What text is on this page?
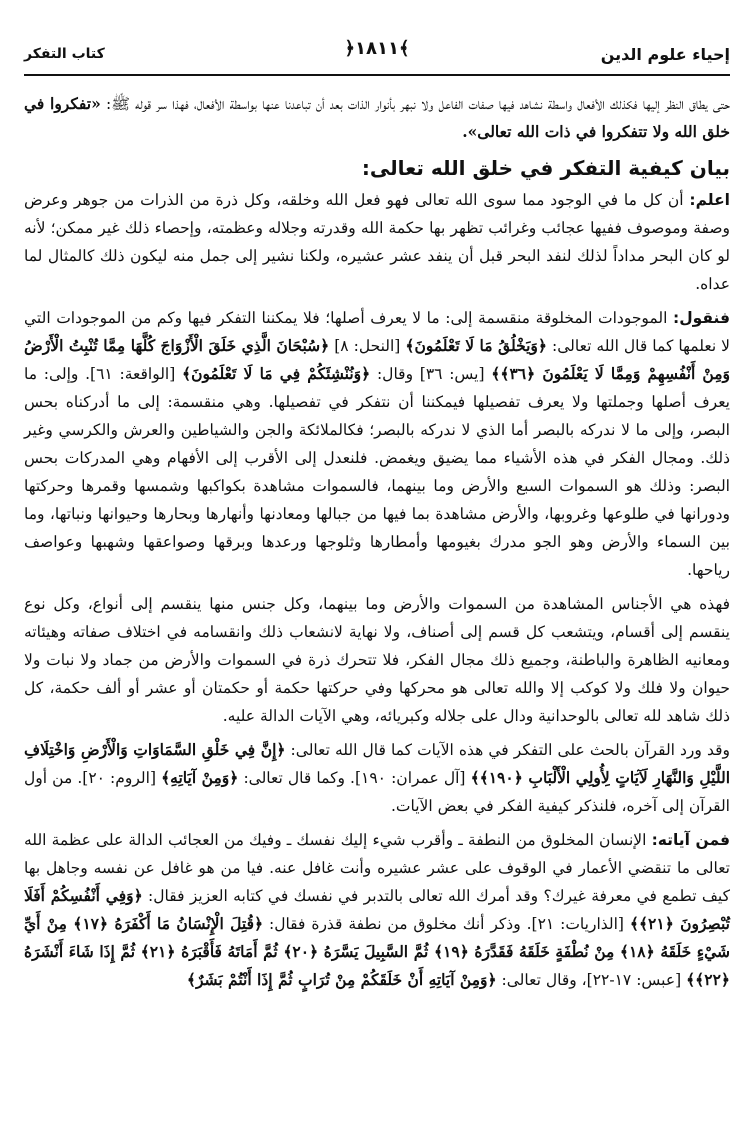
إحياء علوم الدين
﴿١٨١١﴾
كتاب التفكر

حتى يطاق النظر إليها فكذلك الأفعال واسطة نشاهد فيها صفات الفاعل ولا نبهر بأنوار الذات بعد أن تباعدنا عنها بواسطة الأفعال، فهذا سر قوله ﷺ: «تفكروا في خلق الله ولا تتفكروا في ذات الله تعالى».

بيان كيفية التفكر في خلق الله تعالى:

اعلم: أن كل ما في الوجود مما سوى الله تعالى فهو فعل الله وخلقه، وكل ذرة من الذرات من جوهر وعرض وصفة وموصوف ففيها عجائب وغرائب تظهر بها حكمة الله وقدرته وجلاله وعظمته، وإحصاء ذلك غير ممكن؛ لأنه لو كان البحر مداداً لذلك لنفد البحر قبل أن ينفد عشر عشيره، ولكنا نشير إلى جمل منه ليكون ذلك كالمثال لما عداه.

فنقول: الموجودات المخلوقة منقسمة إلى: ما لا يعرف أصلها؛ فلا يمكننا التفكر فيها وكم من الموجودات التي لا نعلمها كما قال الله تعالى: ﴿وَيَخْلُقُ مَا لَا تَعْلَمُونَ﴾ [النحل: ٨] ﴿سُبْحَانَ الَّذِي خَلَقَ الْأَزْوَاجَ كُلَّهَا مِمَّا تُنْبِتُ الْأَرْضُ وَمِنْ أَنْفُسِهِمْ وَمِمَّا لَا يَعْلَمُونَ ﴿٣٦﴾﴾ [يس: ٣٦] وقال: ﴿وَنُنْشِئَكُمْ فِي مَا لَا تَعْلَمُونَ﴾ [الواقعة: ٦١]. وإلى: ما يعرف أصلها وجملتها ولا يعرف تفصيلها فيمكننا أن نتفكر في تفصيلها. وهي منقسمة: إلى ما أدركناه بحس البصر، وإلى ما لا ندركه بالبصر أما الذي لا ندركه بالبصر؛ فكالملائكة والجن والشياطين والعرش والكرسي وغير ذلك. ومجال الفكر في هذه الأشياء مما يضيق ويغمض. فلنعدل إلى الأقرب إلى الأفهام وهي المدركات بحس البصر: وذلك هو السموات السبع والأرض وما بينهما، فالسموات مشاهدة بكواكبها وشمسها وقمرها وحركتها ودورانها في طلوعها وغروبها، والأرض مشاهدة بما فيها من جبالها ومعادنها وأنهارها وبحارها وحيوانها ونباتها، وما بين السماء والأرض وهو الجو مدرك بغيومها وأمطارها وثلوجها ورعدها وبرقها وصواعقها وشهبها وعواصف رياحها.

فهذه هي الأجناس المشاهدة من السموات والأرض وما بينهما، وكل جنس منها ينقسم إلى أنواع، وكل نوع ينقسم إلى أقسام، ويتشعب كل قسم إلى أصناف، ولا نهاية لانشعاب ذلك وانقسامه في اختلاف صفاته وهيئاته ومعانيه الظاهرة والباطنة، وجميع ذلك مجال الفكر، فلا تتحرك ذرة في السموات والأرض من جماد ولا نبات ولا حيوان ولا فلك ولا كوكب إلا والله تعالى هو محركها وفي حركتها حكمة أو حكمتان أو عشر أو ألف حكمة، كل ذلك شاهد لله تعالى بالوحدانية ودال على جلاله وكبريائه، وهي الآيات الدالة عليه.

وقد ورد القرآن بالحث على التفكر في هذه الآيات كما قال الله تعالى: ﴿إِنَّ فِي خَلْقِ السَّمَاوَاتِ وَالْأَرْضِ وَاخْتِلَافِ اللَّيْلِ وَالنَّهَارِ لَآيَاتٍ لِأُولِي الْأَلْبَابِ ﴿١٩٠﴾﴾ [آل عمران: ١٩٠]. وكما قال تعالى: ﴿وَمِنْ آيَاتِهِ﴾ [الروم: ٢٠]. من أول القرآن إلى آخره، فلنذكر كيفية الفكر في بعض الآيات.

فمن آياته: الإنسان المخلوق من النطفة ـ وأقرب شيء إليك نفسك ـ وفيك من العجائب الدالة على عظمة الله تعالى ما تنقضي الأعمار في الوقوف على عشر عشيره وأنت غافل عنه. فيا من هو غافل عن نفسه وجاهل بها كيف تطمع في معرفة غيرك؟ وقد أمرك الله تعالى بالتدبر في نفسك في كتابه العزيز فقال: ﴿وَفِي أَنْفُسِكُمْ أَفَلَا تُبْصِرُونَ ﴿٢١﴾﴾ [الذاريات: ٢١]. وذكر أنك مخلوق من نطفة قذرة فقال: ﴿قُتِلَ الْإِنْسَانُ مَا أَكْفَرَهُ ﴿١٧﴾ مِنْ أَيِّ شَيْءٍ خَلَقَهُ ﴿١٨﴾ مِنْ نُطْفَةٍ خَلَقَهُ فَقَدَّرَهُ ﴿١٩﴾ ثُمَّ السَّبِيلَ يَسَّرَهُ ﴿٢٠﴾ ثُمَّ أَمَاتَهُ فَأَقْبَرَهُ ﴿٢١﴾ ثُمَّ إِذَا شَاءَ أَنْشَرَهُ ﴿٢٢﴾﴾ [عبس: ١٧-٢٢]، وقال تعالى: ﴿وَمِنْ آيَاتِهِ أَنْ خَلَقَكُمْ مِنْ تُرَابٍ ثُمَّ إِذَا أَنْتُمْ بَشَرٌ﴾
